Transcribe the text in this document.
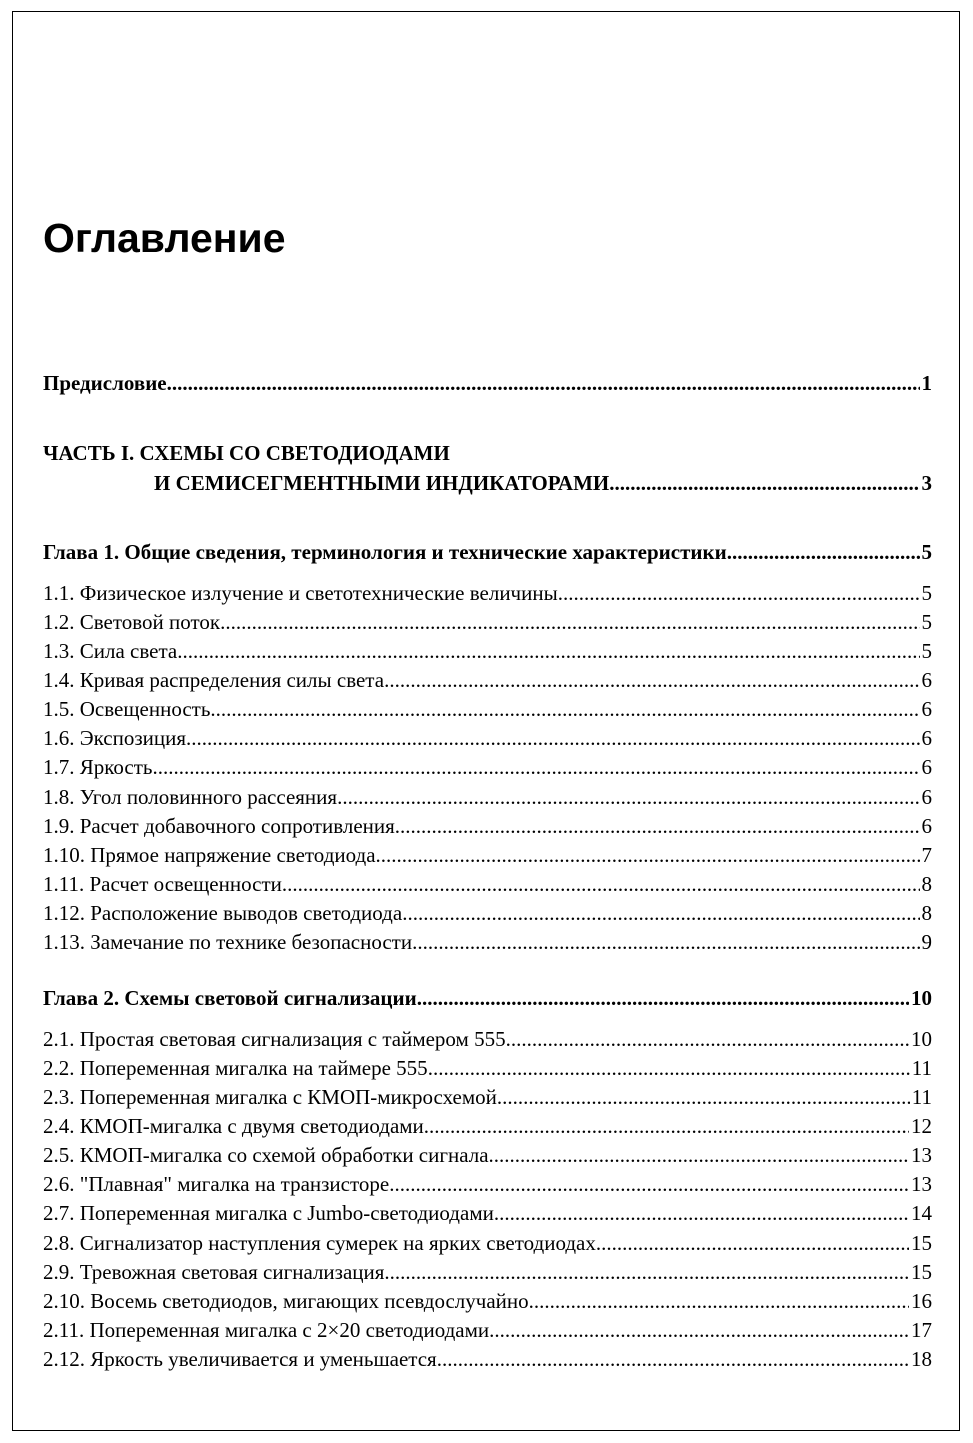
Оглавление
Предисловие .....	1
ЧАСТЬ I. СХЕМЫ СО СВЕТОДИОДАМИ
И СЕМИСЕГМЕНТНЫМИ ИНДИКАТОРАМИ .....	3
Глава 1. Общие сведения, терминология и технические характеристики .....	5
1.1. Физическое излучение и светотехнические величины .....	5
1.2. Световой поток .....	5
1.3. Сила света .....	5
1.4. Кривая распределения силы света .....	6
1.5. Освещенность .....	6
1.6. Экспозиция .....	6
1.7. Яркость .....	6
1.8. Угол половинного рассеяния .....	6
1.9. Расчет добавочного сопротивления .....	6
1.10. Прямое напряжение светодиода .....	7
1.11. Расчет освещенности .....	8
1.12. Расположение выводов светодиода .....	8
1.13. Замечание по технике безопасности .....	9
Глава 2. Схемы световой сигнализации .....	10
2.1. Простая световая сигнализация с таймером 555 .....	10
2.2. Попеременная мигалка на таймере 555 .....	11
2.3. Попеременная мигалка с КМОП-микросхемой .....	11
2.4. КМОП-мигалка с двумя светодиодами .....	12
2.5. КМОП-мигалка со схемой обработки сигнала .....	13
2.6. "Плавная" мигалка на транзисторе .....	13
2.7. Попеременная мигалка с Jumbo-светодиодами .....	14
2.8. Сигнализатор наступления сумерек на ярких светодиодах .....	15
2.9. Тревожная световая сигнализация .....	15
2.10. Восемь светодиодов, мигающих псевдослучайно .....	16
2.11. Попеременная мигалка с 2×20 светодиодами .....	17
2.12. Яркость увеличивается и уменьшается .....	18
